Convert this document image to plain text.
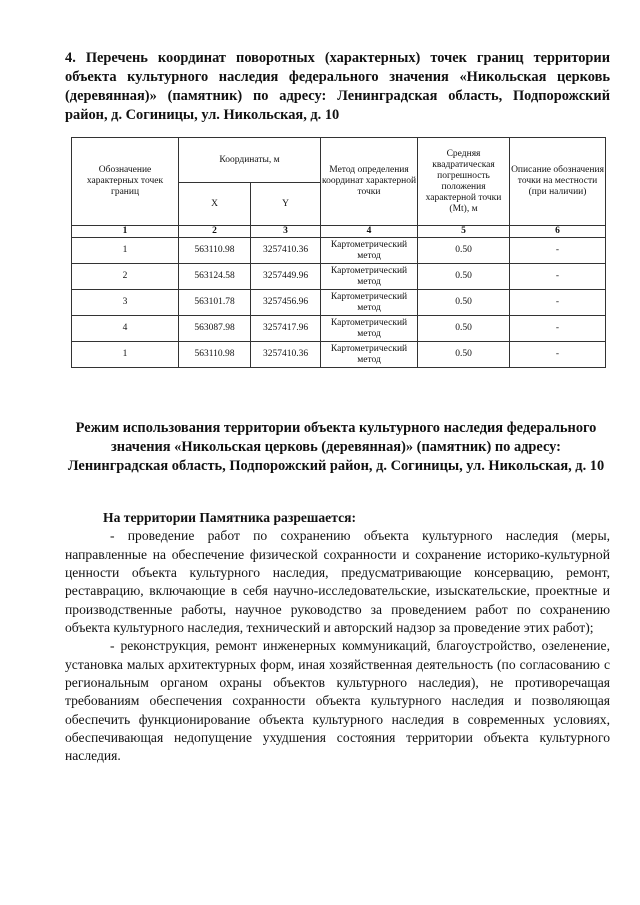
4. Перечень координат поворотных (характерных) точек границ территории объекта культурного наследия федерального значения «Никольская церковь (деревянная)» (памятник) по адресу: Ленинградская область, Подпорожский район, д. Согиницы, ул. Никольская, д. 10

Обозначение характерных точек границ	Координаты, м		Метод определения координат характерной точки	Средняя квадратическая погрешность положения характерной точки (Mt), м	Описание обозначения точки на местности (при наличии)
	X	Y			
1	2	3	4	5	6
1	563110.98	3257410.36	Картометрический метод	0.50	-
2	563124.58	3257449.96	Картометрический метод	0.50	-
3	563101.78	3257456.96	Картометрический метод	0.50	-
4	563087.98	3257417.96	Картометрический метод	0.50	-
1	563110.98	3257410.36	Картометрический метод	0.50	-

Режим использования территории объекта культурного наследия федерального значения «Никольская церковь (деревянная)» (памятник) по адресу: Ленинградская область, Подпорожский район, д. Согиницы, ул. Никольская, д. 10

На территории Памятника разрешается:

- проведение работ по сохранению объекта культурного наследия (меры, направленные на обеспечение физической сохранности и сохранение историко-культурной ценности объекта культурного наследия, предусматривающие консервацию, ремонт, реставрацию, включающие в себя научно-исследовательские, изыскательские, проектные и производственные работы, научное руководство за проведением работ по сохранению объекта культурного наследия, технический и авторский надзор за проведение этих работ);

- реконструкция, ремонт инженерных коммуникаций, благоустройство, озеленение, установка малых архитектурных форм, иная хозяйственная деятельность (по согласованию с региональным органом охраны объектов культурного наследия), не противоречащая требованиям обеспечения сохранности объекта культурного наследия и позволяющая обеспечить функционирование объекта культурного наследия в современных условиях, обеспечивающая недопущение ухудшения состояния территории объекта культурного наследия.
